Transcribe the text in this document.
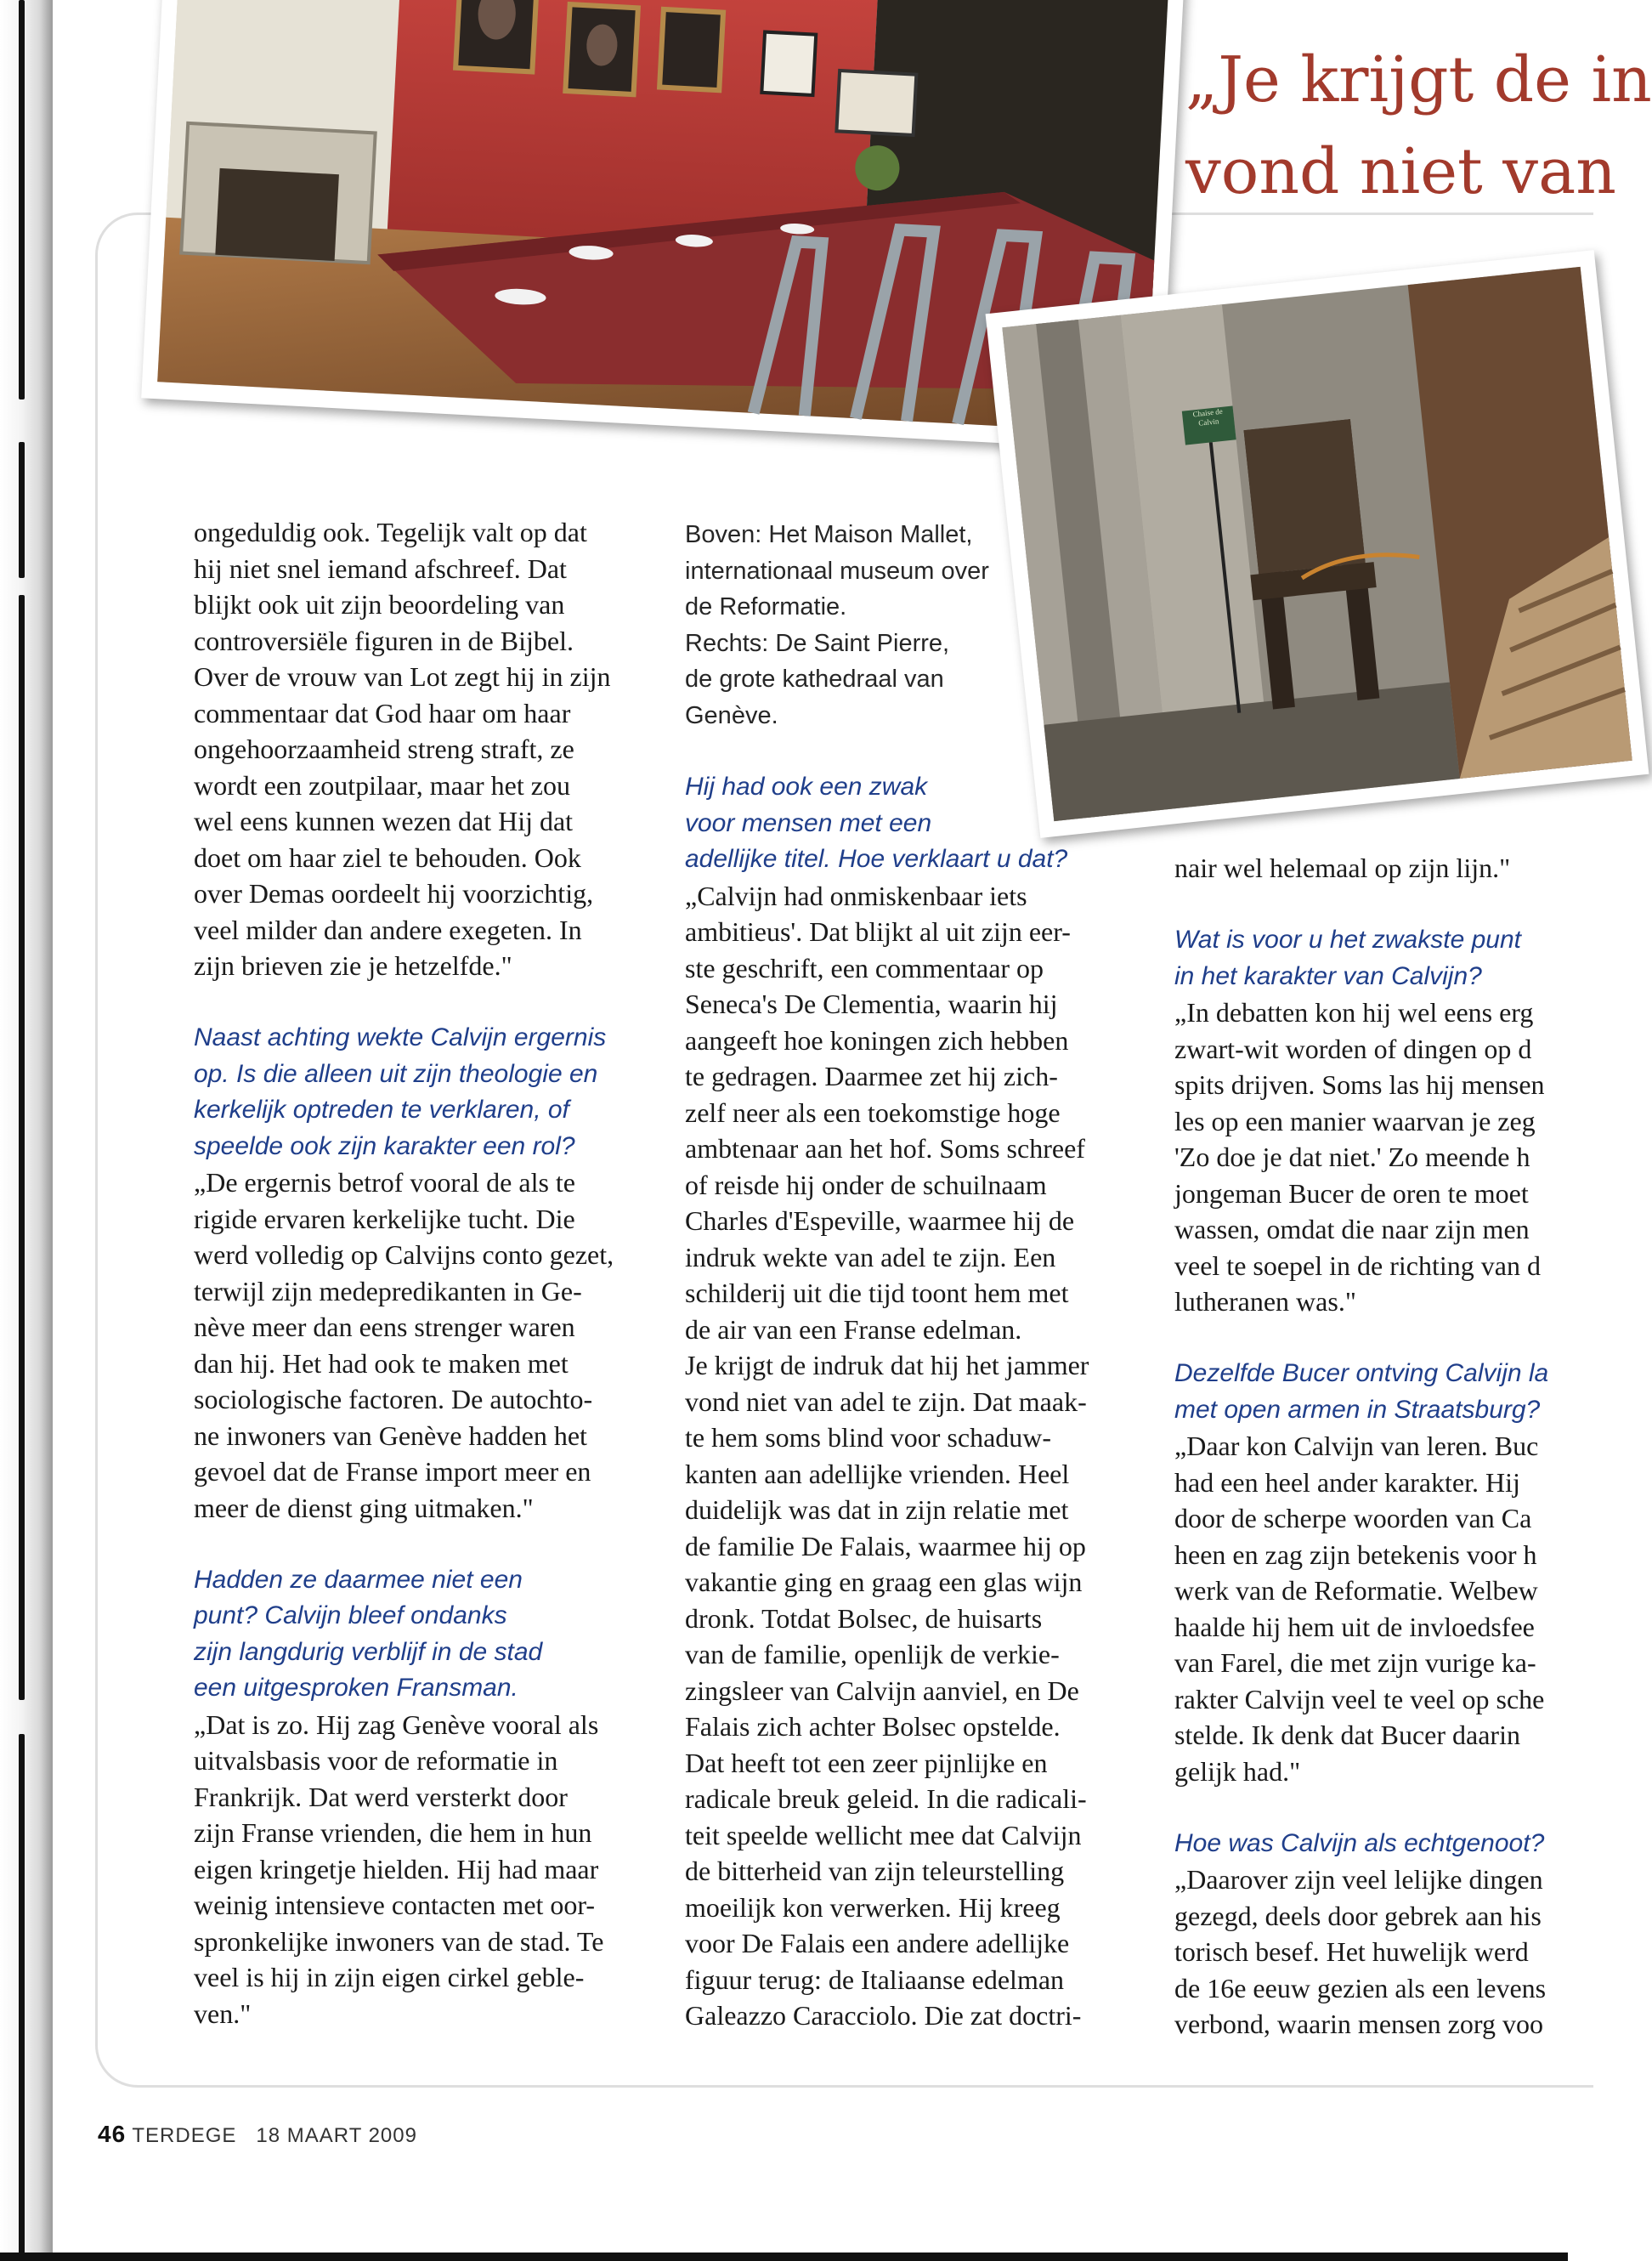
„Je krijgt de in
vond niet van
Chaise de Calvin

Boven: Het Maison Mallet,

internationaal museum over

de Reformatie.

Rechts: De Saint Pierre,

de grote kathedraal van

Genève.

ongeduldig ook. Tegelijk valt op dat

hij niet snel iemand afschreef. Dat

blijkt ook uit zijn beoordeling van

controversiële figuren in de Bijbel.

Over de vrouw van Lot zegt hij in zijn

commentaar dat God haar om haar

ongehoorzaamheid streng straft, ze

wordt een zoutpilaar, maar het zou

wel eens kunnen wezen dat Hij dat

doet om haar ziel te behouden. Ook

over Demas oordeelt hij voorzichtig,

veel milder dan andere exegeten. In

zijn brieven zie je hetzelfde."

Naast achting wekte Calvijn ergernis

op. Is die alleen uit zijn theologie en

kerkelijk optreden te verklaren, of

speelde ook zijn karakter een rol?

„De ergernis betrof vooral de als te

rigide ervaren kerkelijke tucht. Die

werd volledig op Calvijns conto gezet,

terwijl zijn medepredikanten in Ge-

nève meer dan eens strenger waren

dan hij. Het had ook te maken met

sociologische factoren. De autochto-

ne inwoners van Genève hadden het

gevoel dat de Franse import meer en

meer de dienst ging uitmaken."

Hadden ze daarmee niet een

punt? Calvijn bleef ondanks

zijn langdurig verblijf in de stad

een uitgesproken Fransman.

„Dat is zo. Hij zag Genève vooral als

uitvalsbasis voor de reformatie in

Frankrijk. Dat werd versterkt door

zijn Franse vrienden, die hem in hun

eigen kringetje hielden. Hij had maar

weinig intensieve contacten met oor-

spronkelijke inwoners van de stad. Te

veel is hij in zijn eigen cirkel geble-

ven."

Hij had ook een zwak

voor mensen met een

adellijke titel. Hoe verklaart u dat?

„Calvijn had onmiskenbaar iets

ambitieus'. Dat blijkt al uit zijn eer-

ste geschrift, een commentaar op

Seneca's De Clementia, waarin hij

aangeeft hoe koningen zich hebben

te gedragen. Daarmee zet hij zich-

zelf neer als een toekomstige hoge

ambtenaar aan het hof. Soms schreef

of reisde hij onder de schuilnaam

Charles d'Espeville, waarmee hij de

indruk wekte van adel te zijn. Een

schilderij uit die tijd toont hem met

de air van een Franse edelman.

Je krijgt de indruk dat hij het jammer

vond niet van adel te zijn. Dat maak-

te hem soms blind voor schaduw-

kanten aan adellijke vrienden. Heel

duidelijk was dat in zijn relatie met

de familie De Falais, waarmee hij op

vakantie ging en graag een glas wijn

dronk. Totdat Bolsec, de huisarts

van de familie, openlijk de verkie-

zingsleer van Calvijn aanviel, en De

Falais zich achter Bolsec opstelde.

Dat heeft tot een zeer pijnlijke en

radicale breuk geleid. In die radicali-

teit speelde wellicht mee dat Calvijn

de bitterheid van zijn teleurstelling

moeilijk kon verwerken. Hij kreeg

voor De Falais een andere adellijke

figuur terug: de Italiaanse edelman

Galeazzo Caracciolo. Die zat doctri-

nair wel helemaal op zijn lijn."

Wat is voor u het zwakste punt

in het karakter van Calvijn?

„In debatten kon hij wel eens erg

zwart-wit worden of dingen op d

spits drijven. Soms las hij mensen

les op een manier waarvan je zeg

'Zo doe je dat niet.' Zo meende h

jongeman Bucer de oren te moet

wassen, omdat die naar zijn men

veel te soepel in de richting van d

lutheranen was."

Dezelfde Bucer ontving Calvijn la

met open armen in Straatsburg?

„Daar kon Calvijn van leren. Buc

had een heel ander karakter. Hij

door de scherpe woorden van Ca

heen en zag zijn betekenis voor h

werk van de Reformatie. Welbew

haalde hij hem uit de invloedsfee

van Farel, die met zijn vurige ka-

rakter Calvijn veel te veel op sche

stelde. Ik denk dat Bucer daarin

gelijk had."

Hoe was Calvijn als echtgenoot?

„Daarover zijn veel lelijke dingen

gezegd, deels door gebrek aan his

torisch besef. Het huwelijk werd

de 16e eeuw gezien als een levens

verbond, waarin mensen zorg voo

46 TERDEGE 18 MAART 2009
